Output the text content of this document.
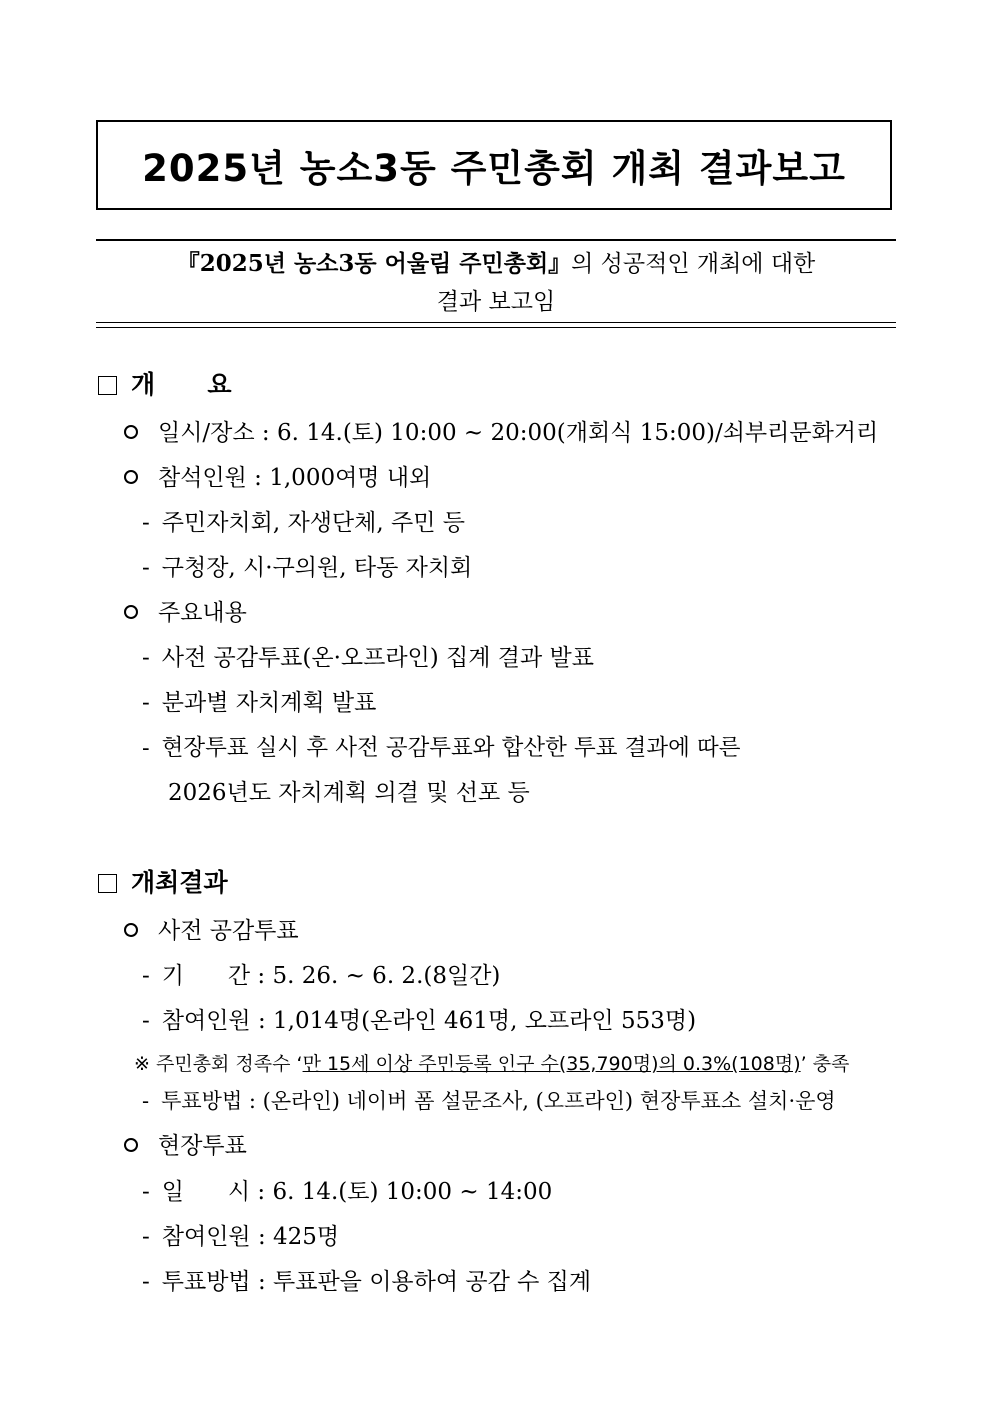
2025년 농소3동 주민총회 개최 결과보고
『2025년 농소3동 어울림 주민총회』의 성공적인 개최에 대한
결과 보고임
개      요
일시/장소 : 6. 14.(토) 10:00 ~ 20:00(개회식 15:00)/쇠부리문화거리
참석인원 : 1,000여명 내외
- 주민자치회, 자생단체, 주민 등
- 구청장, 시·구의원, 타동 자치회
주요내용
- 사전 공감투표(온·오프라인) 집계 결과 발표
- 분과별 자치계획 발표
- 현장투표 실시 후 사전 공감투표와 합산한 투표 결과에 따른
2026년도 자치계획 의결 및 선포 등
개최결과
사전 공감투표
- 기      간 : 5. 26. ~ 6. 2.(8일간)
- 참여인원 : 1,014명(온라인 461명, 오프라인 553명)
※ 주민총회 정족수 ‘만 15세 이상 주민등록 인구 수(35,790명)의 0.3%(108명)’ 충족
- 투표방법 : (온라인) 네이버 폼 설문조사, (오프라인) 현장투표소 설치·운영
현장투표
- 일      시 : 6. 14.(토) 10:00 ~ 14:00
- 참여인원 : 425명
- 투표방법 : 투표판을 이용하여 공감 수 집계
